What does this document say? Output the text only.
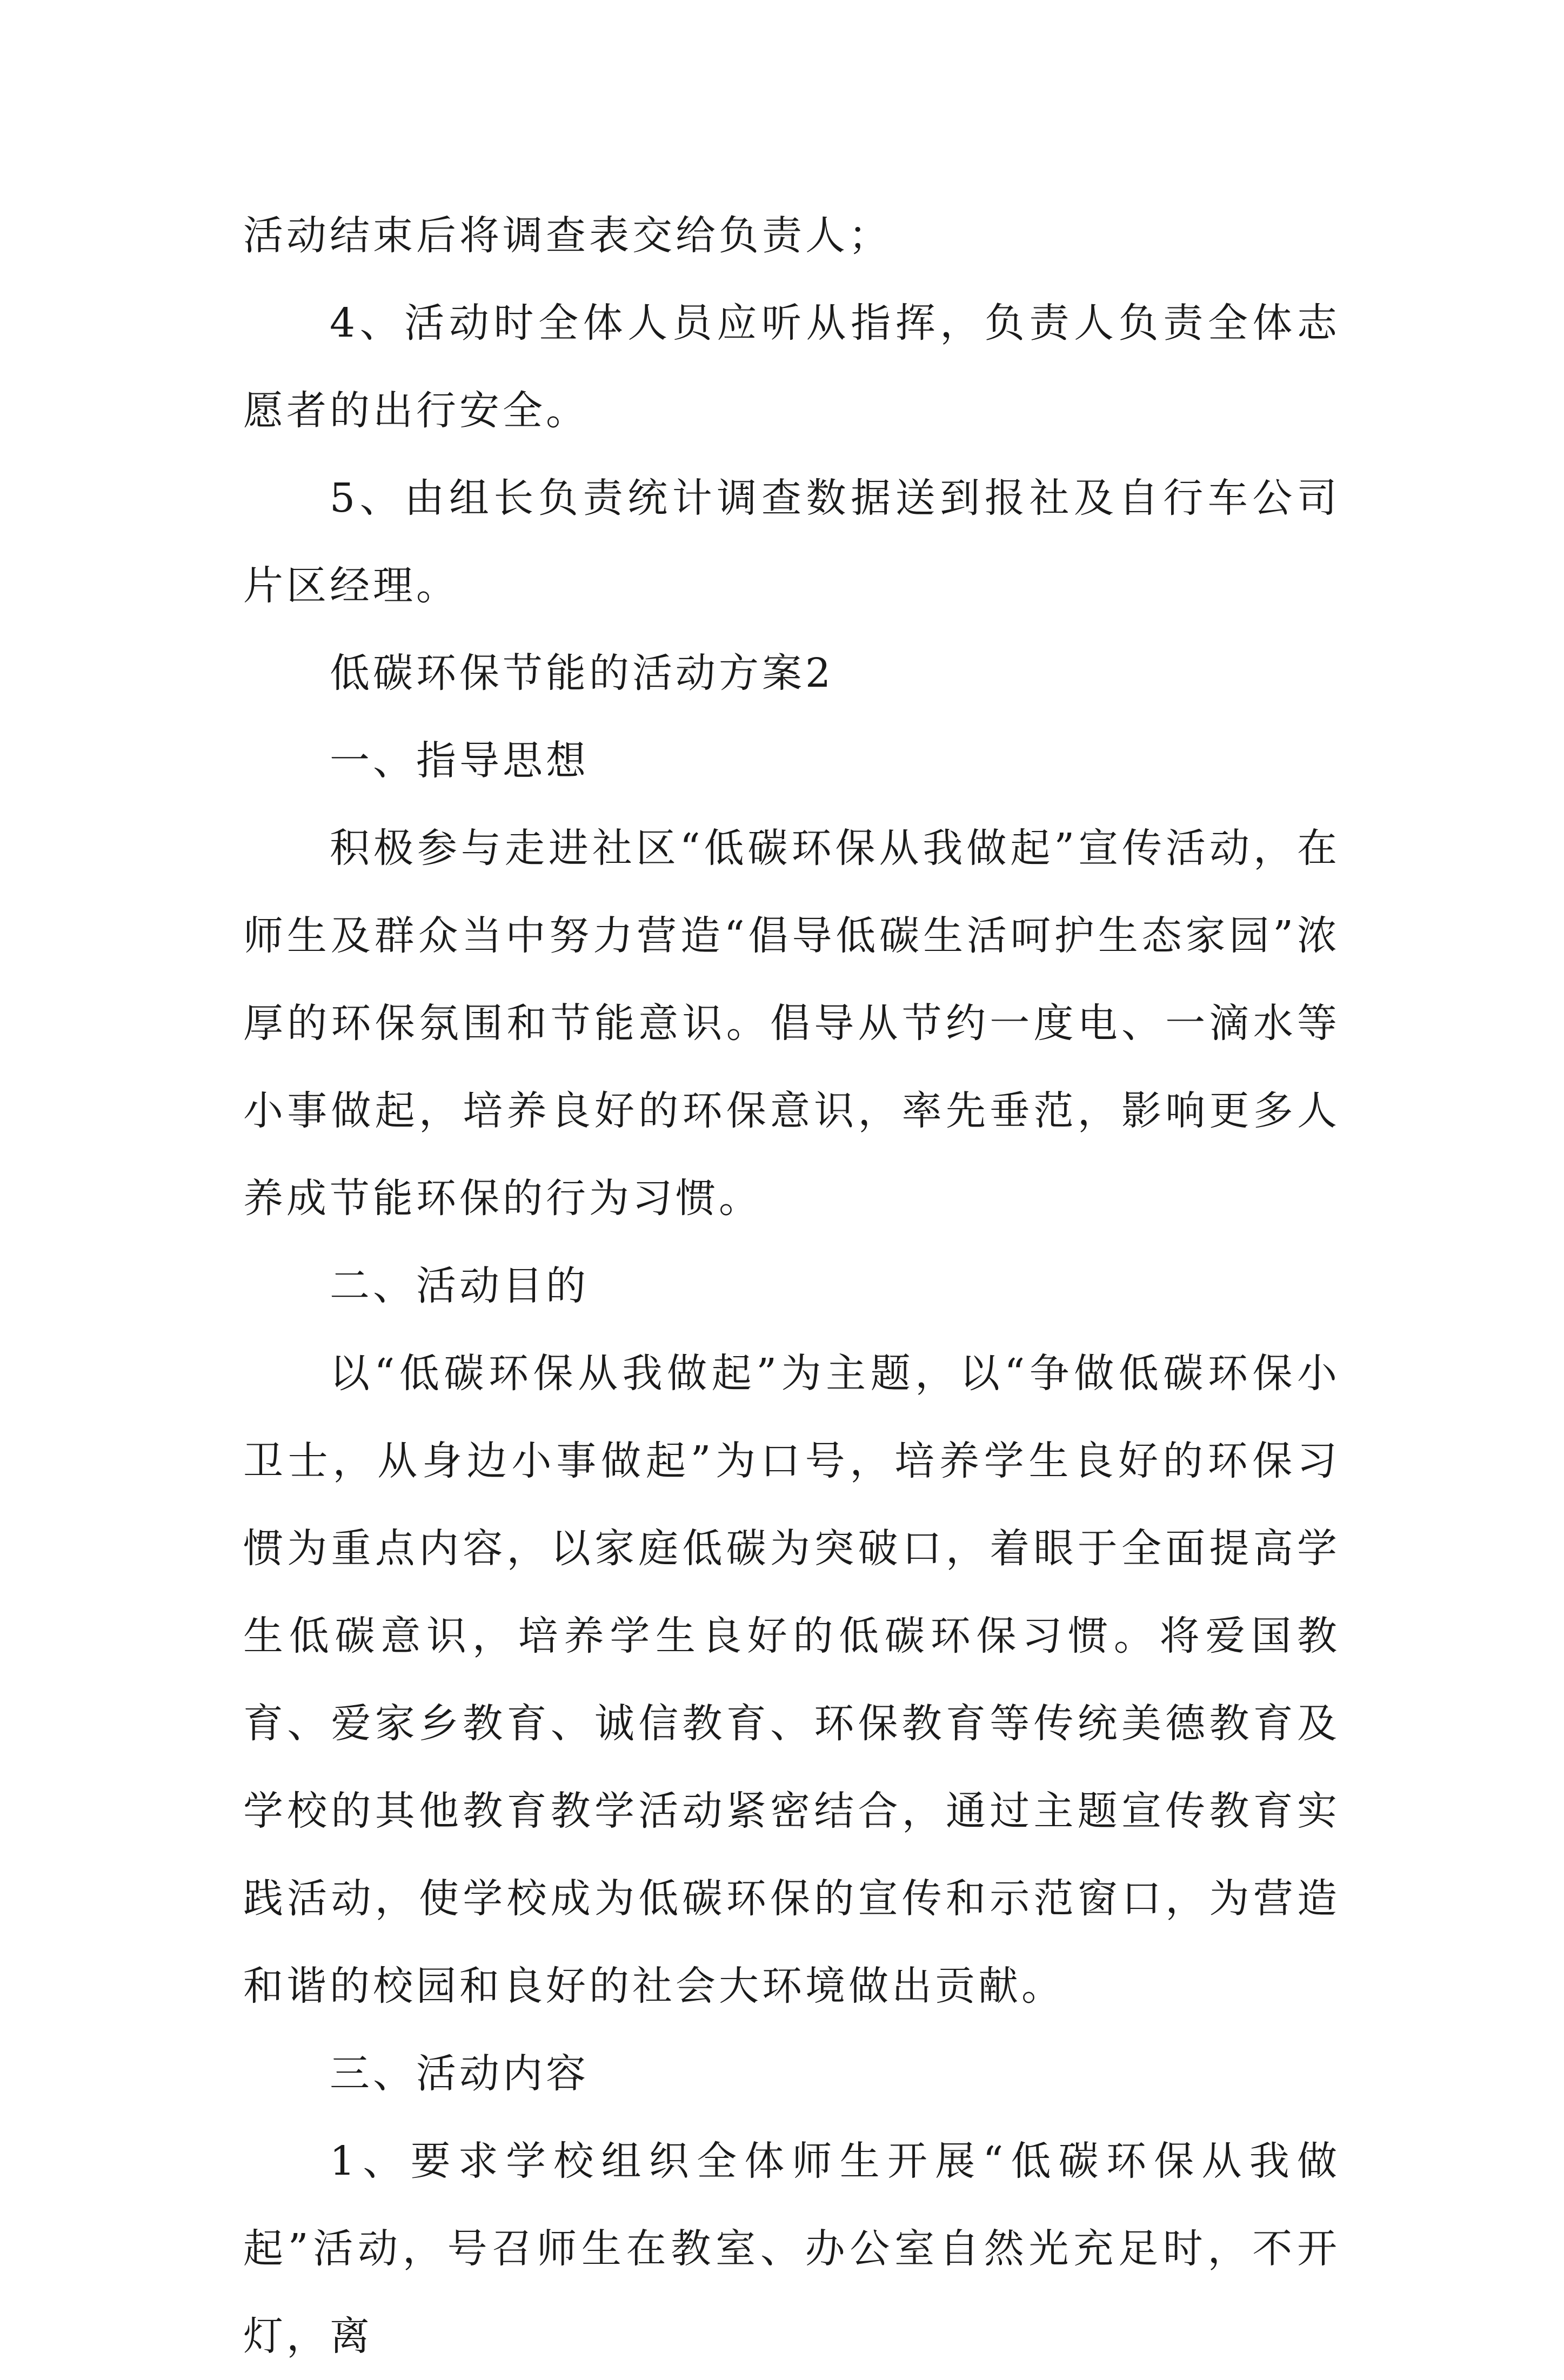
活动结束后将调查表交给负责人；

4、活动时全体人员应听从指挥，负责人负责全体志愿者的出行安全。

5、由组长负责统计调查数据送到报社及自行车公司片区经理。

低碳环保节能的活动方案2

一、指导思想

积极参与走进社区“低碳环保从我做起”宣传活动，在师生及群众当中努力营造“倡导低碳生活呵护生态家园”浓厚的环保氛围和节能意识。倡导从节约一度电、一滴水等小事做起，培养良好的环保意识，率先垂范，影响更多人养成节能环保的行为习惯。

二、活动目的

以“低碳环保从我做起”为主题，以“争做低碳环保小卫士，从身边小事做起”为口号，培养学生良好的环保习惯为重点内容，以家庭低碳为突破口，着眼于全面提高学生低碳意识，培养学生良好的低碳环保习惯。将爱国教育、爱家乡教育、诚信教育、环保教育等传统美德教育及学校的其他教育教学活动紧密结合，通过主题宣传教育实践活动，使学校成为低碳环保的宣传和示范窗口，为营造和谐的校园和良好的社会大环境做出贡献。

三、活动内容

1、要求学校组织全体师生开展“低碳环保从我做起”活动，号召师生在教室、办公室自然光充足时，不开灯，离
